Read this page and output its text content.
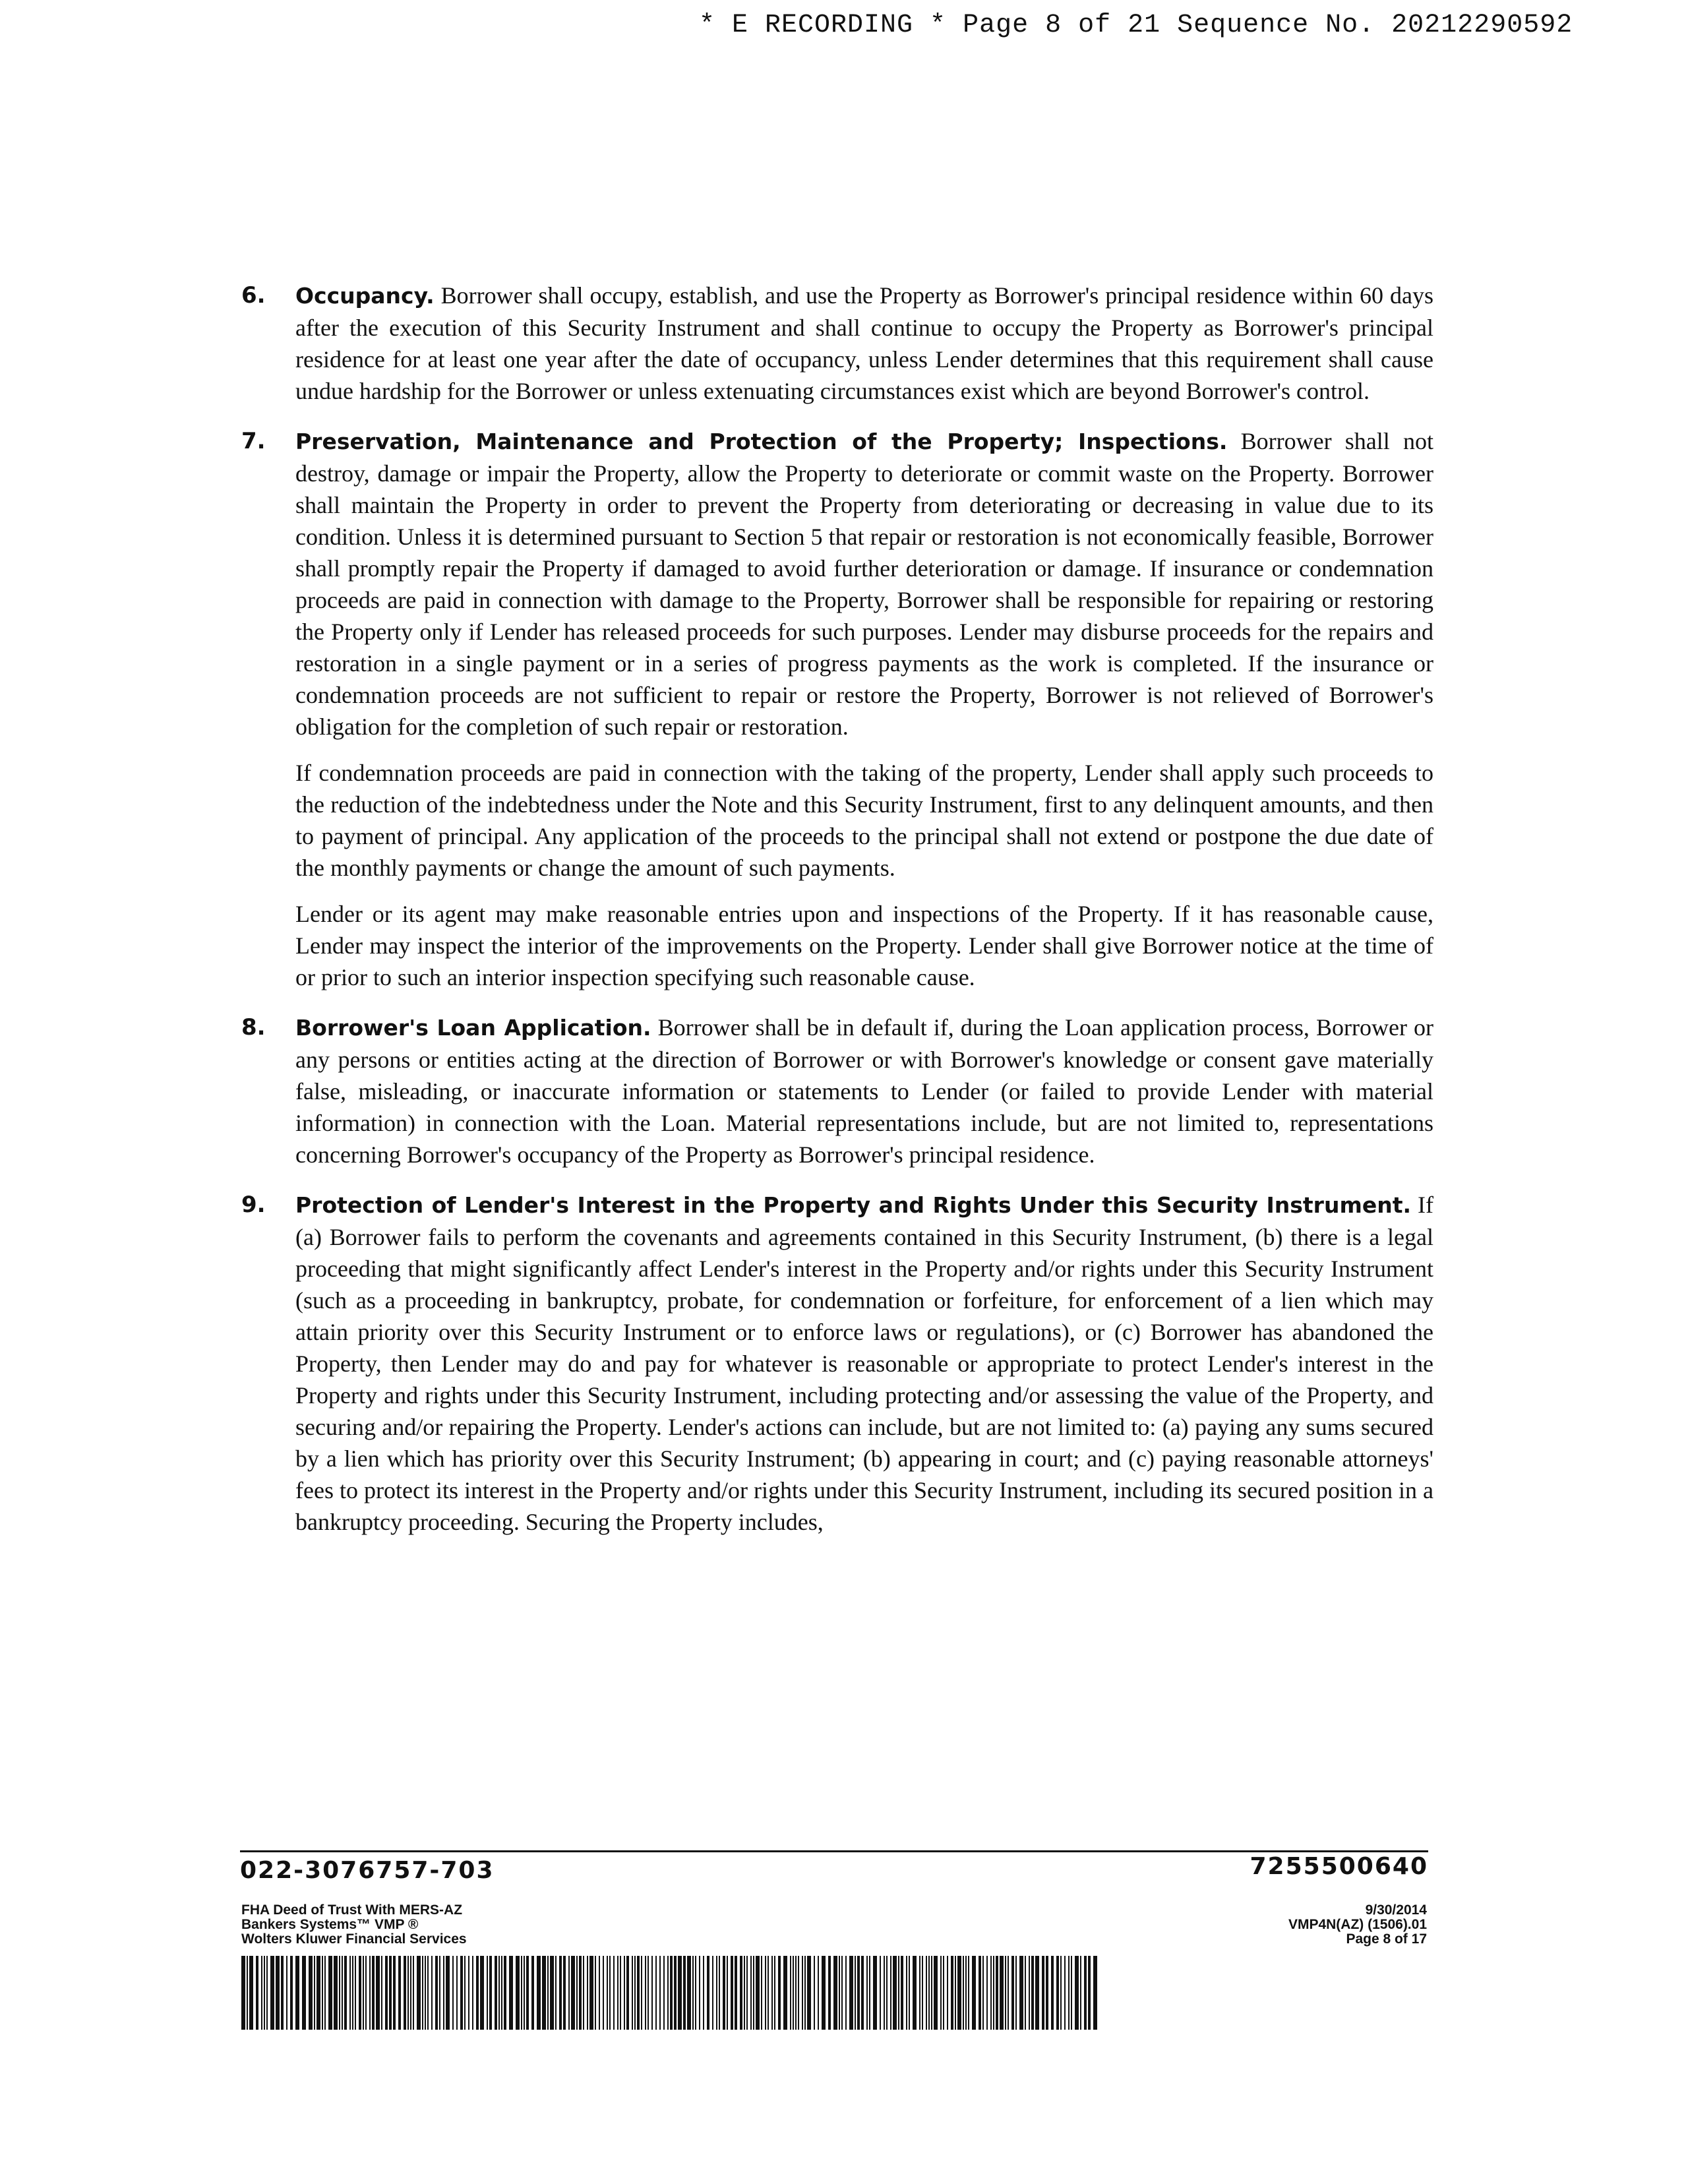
* E RECORDING * Page 8 of 21 Sequence No. 20212290592
6. Occupancy. Borrower shall occupy, establish, and use the Property as Borrower's principal residence within 60 days after the execution of this Security Instrument and shall continue to occupy the Property as Borrower's principal residence for at least one year after the date of occupancy, unless Lender determines that this requirement shall cause undue hardship for the Borrower or unless extenuating circumstances exist which are beyond Borrower's control.

7. Preservation, Maintenance and Protection of the Property; Inspections. Borrower shall not destroy, damage or impair the Property, allow the Property to deteriorate or commit waste on the Property. Borrower shall maintain the Property in order to prevent the Property from deteriorating or decreasing in value due to its condition. Unless it is determined pursuant to Section 5 that repair or restoration is not economically feasible, Borrower shall promptly repair the Property if damaged to avoid further deterioration or damage. If insurance or condemnation proceeds are paid in connection with damage to the Property, Borrower shall be responsible for repairing or restoring the Property only if Lender has released proceeds for such purposes. Lender may disburse proceeds for the repairs and restoration in a single payment or in a series of progress payments as the work is completed. If the insurance or condemnation proceeds are not sufficient to repair or restore the Property, Borrower is not relieved of Borrower's obligation for the completion of such repair or restoration.

If condemnation proceeds are paid in connection with the taking of the property, Lender shall apply such proceeds to the reduction of the indebtedness under the Note and this Security Instrument, first to any delinquent amounts, and then to payment of principal. Any application of the proceeds to the principal shall not extend or postpone the due date of the monthly payments or change the amount of such payments.

Lender or its agent may make reasonable entries upon and inspections of the Property. If it has reasonable cause, Lender may inspect the interior of the improvements on the Property. Lender shall give Borrower notice at the time of or prior to such an interior inspection specifying such reasonable cause.

8. Borrower's Loan Application. Borrower shall be in default if, during the Loan application process, Borrower or any persons or entities acting at the direction of Borrower or with Borrower's knowledge or consent gave materially false, misleading, or inaccurate information or statements to Lender (or failed to provide Lender with material information) in connection with the Loan. Material representations include, but are not limited to, representations concerning Borrower's occupancy of the Property as Borrower's principal residence.

9. Protection of Lender's Interest in the Property and Rights Under this Security Instrument. If (a) Borrower fails to perform the covenants and agreements contained in this Security Instrument, (b) there is a legal proceeding that might significantly affect Lender's interest in the Property and/or rights under this Security Instrument (such as a proceeding in bankruptcy, probate, for condemnation or forfeiture, for enforcement of a lien which may attain priority over this Security Instrument or to enforce laws or regulations), or (c) Borrower has abandoned the Property, then Lender may do and pay for whatever is reasonable or appropriate to protect Lender's interest in the Property and rights under this Security Instrument, including protecting and/or assessing the value of the Property, and securing and/or repairing the Property. Lender's actions can include, but are not limited to: (a) paying any sums secured by a lien which has priority over this Security Instrument; (b) appearing in court; and (c) paying reasonable attorneys' fees to protect its interest in the Property and/or rights under this Security Instrument, including its secured position in a bankruptcy proceeding. Securing the Property includes,

022-3076757-703	7255500640
FHA Deed of Trust With MERS-AZ
Bankers Systems™ VMP ®
Wolters Kluwer Financial Services
9/30/2014
VMP4N(AZ) (1506).01
Page 8 of 17
